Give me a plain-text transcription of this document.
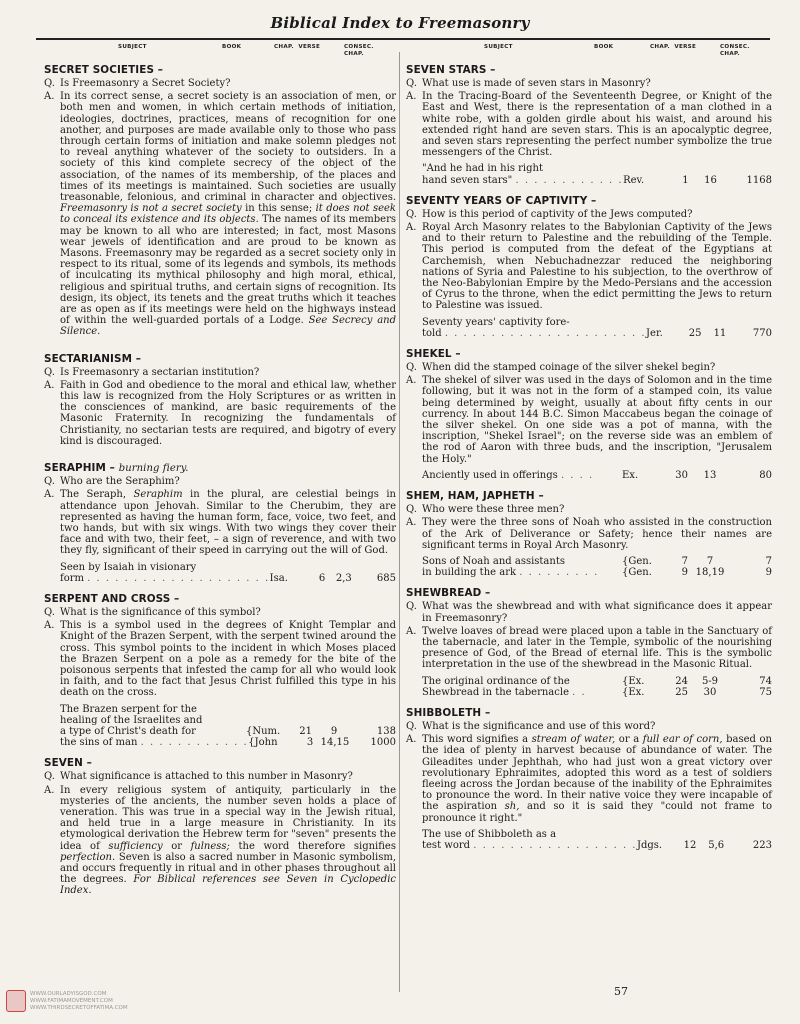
Biblical Index to Freemasonry
SUBJECT	BOOK	CHAP. VERSE	CONSEC.
CHAP.
SECRET SOCIETIES –
Q. Is Freemasonry a Secret Society?
A. In its correct sense, a secret society is an association of men, or both men and women, in which certain methods of initiation, ideologies, doctrines, practices, means of recognition for one another, and purposes are made available only to those who pass through certain forms of initiation and make solemn pledges not to reveal anything whatever of the society to outsiders. In a society of this kind complete secrecy of the object of the association, of the names of its membership, of the places and times of its meetings is maintained. Such societies are usually treasonable, felonious, and criminal in character and objectives. Freemasonry is not a secret society in this sense; it does not seek to conceal its existence and its objects. The names of its members may be known to all who are interested; in fact, most Masons wear jewels of identification and are proud to be known as Masons. Freemasonry may be regarded as a secret society only in respect to its ritual, some of its legends and symbols, its methods of inculcating its mythical philosophy and high moral, ethical, religious and spiritual truths, and certain signs of recognition. Its design, its object, its tenets and the great truths which it teaches are as open as if its meetings were held on the highways instead of within the well-guarded portals of a Lodge. See Secrecy and Silence.
SECTARIANISM –
Q. Is Freemasonry a sectarian institution?
A. Faith in God and obedience to the moral and ethical law, whether this law is recognized from the Holy Scriptures or as written in the consciences of mankind, are basic requirements of the Masonic Fraternity. In recognizing the fundamentals of Christianity, no sectarian tests are required, and bigotry of every kind is discouraged.
SERAPHIM – burning fiery.
Q. Who are the Seraphim?
A. The Seraph, Seraphim in the plural, are celestial beings in attendance upon Jehovah. Similar to the Cherubim, they are represented as having the human form, face, voice, two feet, and two hands, but with six wings. With two wings they cover their face and with two, their feet, – a sign of reverence, and with two they fly, significant of their speed in carrying out the will of God.
Seen by Isaiah in visionary
form . . . . . . . . . . . . . . . . . . . . Isa.	6	2,3	685
SERPENT AND CROSS –
Q. What is the significance of this symbol?
A. This is a symbol used in the degrees of Knight Templar and Knight of the Brazen Serpent, with the serpent twined around the cross. This symbol points to the incident in which Moses placed the Brazen Serpent on a pole as a remedy for the bite of the poisonous serpents that infested the camp for all who would look in faith, and to the fact that Jesus Christ fulfilled this type in his death on the cross.
The Brazen serpent for the
healing of the Israelites and
a type of Christ's death for	{Num.	21	9	138
the sins of man . . . . . . . . . . . . {John	3 14,15	1000
SEVEN –
Q. What significance is attached to this number in Masonry?
A. In every religious system of antiquity, particularly in the mysteries of the ancients, the number seven holds a place of veneration. This was true in a special way in the Jewish ritual, and held true in a large measure in Christianity. In its etymological derivation the Hebrew term for "seven" presents the idea of sufficiency or fulness; the word therefore signifies perfection. Seven is also a sacred number in Masonic symbolism, and occurs frequently in ritual and in other phases throughout all the degrees. For Biblical references see Seven in Cyclopedic Index.
SUBJECT	BOOK	CHAP. VERSE	CONSEC.
CHAP.
SEVEN STARS –
Q. What use is made of seven stars in Masonry?
A. In the Tracing-Board of the Seventeenth Degree, or Knight of the East and West, there is the representation of a man clothed in a white robe, with a golden girdle about his waist, and around his extended right hand are seven stars. This is an apocalyptic degree, and seven stars representing the perfect number symbolize the true messengers of the Christ.
"And he had in his right
hand seven stars" . . . . . . . . . . . . Rev.	1	16	1168
SEVENTY YEARS OF CAPTIVITY –
Q. How is this period of captivity of the Jews computed?
A. Royal Arch Masonry relates to the Babylonian Captivity of the Jews and to their return to Palestine and the rebuilding of the Temple. This period is computed from the defeat of the Egyptians at Carchemish, when Nebuchadnezzar reduced the neighboring nations of Syria and Palestine to his subjection, to the overthrow of the Neo-Babylonian Empire by the Medo-Persians and the accession of Cyrus to the throne, when the edict permitting the Jews to return to Palestine was issued.
Seventy years' captivity fore-
told . . . . . . . . . . . . . . . . . . . . . . Jer.	25	11	770
SHEKEL –
Q. When did the stamped coinage of the silver shekel begin?
A. The shekel of silver was used in the days of Solomon and in the time following, but it was not in the form of a stamped coin, its value being determined by weight, usually at about fifty cents in our currency. In about 144 B.C. Simon Maccabeus began the coinage of the silver shekel. On one side was a pot of manna, with the inscription, "Shekel Israel"; on the reverse side was an emblem of the rod of Aaron with three buds, and the inscription, "Jerusalem the Holy."
Anciently used in offerings . . . .	Ex.	30	13	80
SHEM, HAM, JAPHETH –
Q. Who were these three men?
A. They were the three sons of Noah who assisted in the construction of the Ark of Deliverance or Safety; hence their names are significant terms in Royal Arch Masonry.
Sons of Noah and assistants	{Gen.	7	7	7
in building the ark . . . . . . . . .	{Gen.	9 18,19	9
SHEWBREAD –
Q. What was the shewbread and with what significance does it appear in Freemasonry?
A. Twelve loaves of bread were placed upon a table in the Sanctuary of the tabernacle, and later in the Temple, symbolic of the nourishing presence of God, of the Bread of eternal life. This is the symbolic interpretation in the use of the shewbread in the Masonic Ritual.
The original ordinance of the	{Ex.	24	5-9	74
Shewbread in the tabernacle . .	{Ex.	25	30	75
SHIBBOLETH –
Q. What is the significance and use of this word?
A. This word signifies a stream of water, or a full ear of corn, based on the idea of plenty in harvest because of abundance of water. The Gileadites under Jephthah, who had just won a great victory over revolutionary Ephraimites, adopted this word as a test of soldiers fleeing across the Jordan because of the inability of the Ephraimites to pronounce the word. In their native voice they were incapable of the aspiration sh, and so it is said they "could not frame to pronounce it right."
The use of Shibboleth as a
test word . . . . . . . . . . . . . . . . . . Jdgs.	12	5,6	223
57
WWW.OURLADYISGOD.COM
WWW.FATIMAMOVEMENT.COM
WWW.THIRDSECRETOFFATIMA.COM
